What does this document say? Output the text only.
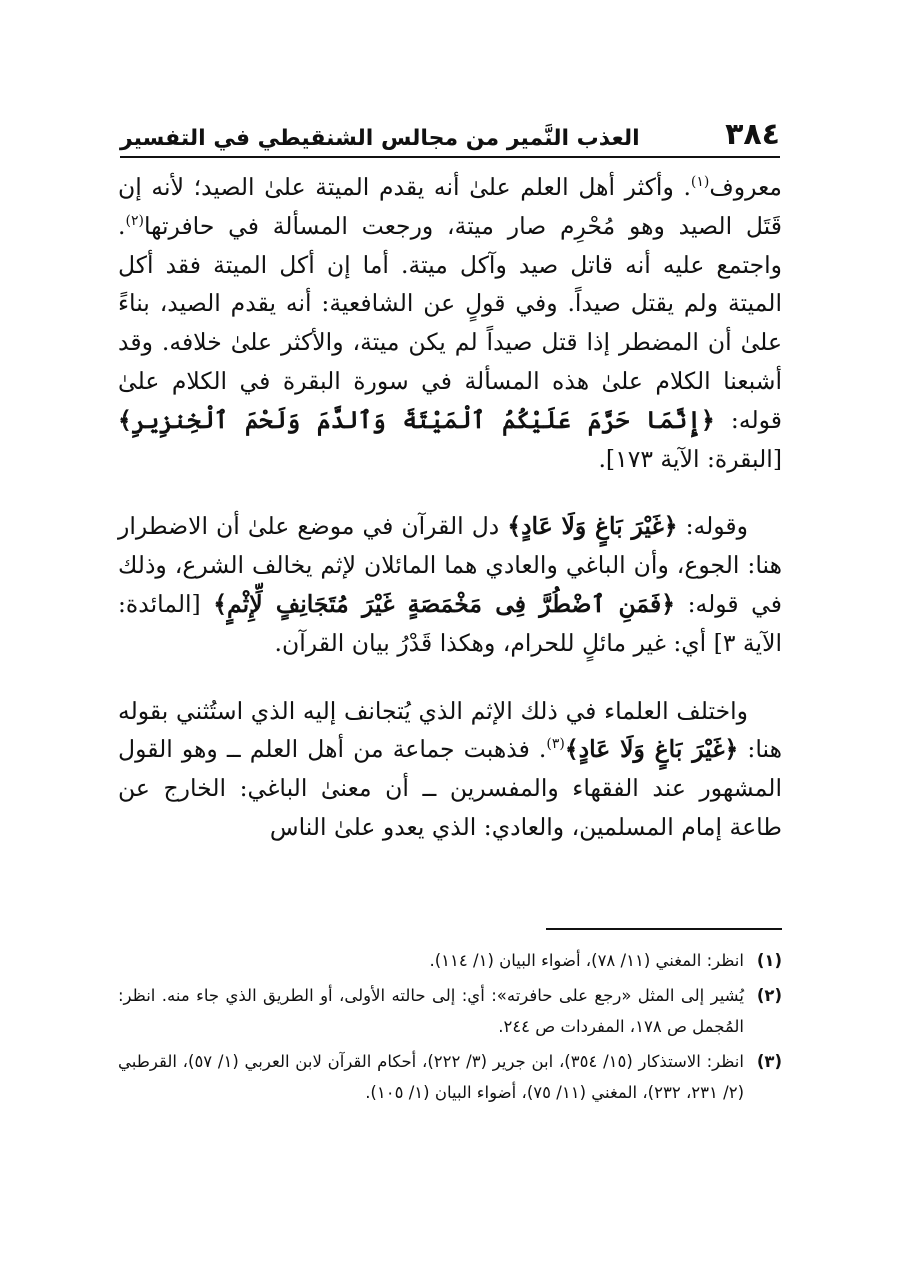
٣٨٤
العذب النَّمير من مجالس الشنقيطي في التفسير

معروف$^{(١)}$. وأكثر أهل العلم علىٰ أنه يقدم الميتة علىٰ الصيد؛ لأنه إن قَتَل الصيد وهو مُحْرِم صار ميتة، ورجعت المسألة في حافرتها$^{(٢)}$. واجتمع عليه أنه قاتل صيد وآكل ميتة. أما إن أكل الميتة فقد أكل الميتة ولم يقتل صيداً. وفي قولٍ عن الشافعية: أنه يقدم الصيد، بناءً علىٰ أن المضطر إذا قتل صيداً لم يكن ميتة، والأكثر علىٰ خلافه. وقد أشبعنا الكلام علىٰ هذه المسألة في سورة البقرة في الكلام علىٰ قوله: ﴿إِنَّمَا حَرَّمَ عَلَيْكُمُ ٱلْمَيْتَةَ وَٱلدَّمَ وَلَحْمَ ٱلْخِنزِيرِ﴾ [البقرة: الآية ١٧٣].

وقوله: ﴿غَيْرَ بَاغٍ وَلَا عَادٍ﴾ دل القرآن في موضع علىٰ أن الاضطرار هنا: الجوع، وأن الباغي والعادي هما المائلان لإثم يخالف الشرع، وذلك في قوله: ﴿فَمَنِ ٱضْطُرَّ فِى مَخْمَصَةٍ غَيْرَ مُتَجَانِفٍ لِّإِثْمٍ﴾ [المائدة: الآية ٣] أي: غير مائلٍ للحرام، وهكذا قَدْرُ بيان القرآن.

واختلف العلماء في ذلك الإثم الذي يُتجانف إليه الذي استُثني بقوله هنا: ﴿غَيْرَ بَاغٍ وَلَا عَادٍ﴾$^{(٣)}$. فذهبت جماعة من أهل العلم ــ وهو القول المشهور عند الفقهاء والمفسرين ــ أن معنىٰ الباغي: الخارج عن طاعة إمام المسلمين، والعادي: الذي يعدو علىٰ الناس

(١)
انظر: المغني (١١/ ٧٨)، أضواء البيان (١/ ١١٤).
(٢)
يُشير إلى المثل «رجع على حافرته»: أي: إلى حالته الأولى، أو الطريق الذي جاء منه. انظر: المُجمل ص ١٧٨، المفردات ص ٢٤٤.
(٣)
انظر: الاستذكار (١٥/ ٣٥٤)، ابن جرير (٣/ ٢٢٢)، أحكام القرآن لابن العربي (١/ ٥٧)، القرطبي (٢/ ٢٣١، ٢٣٢)، المغني (١١/ ٧٥)، أضواء البيان (١/ ١٠٥).
